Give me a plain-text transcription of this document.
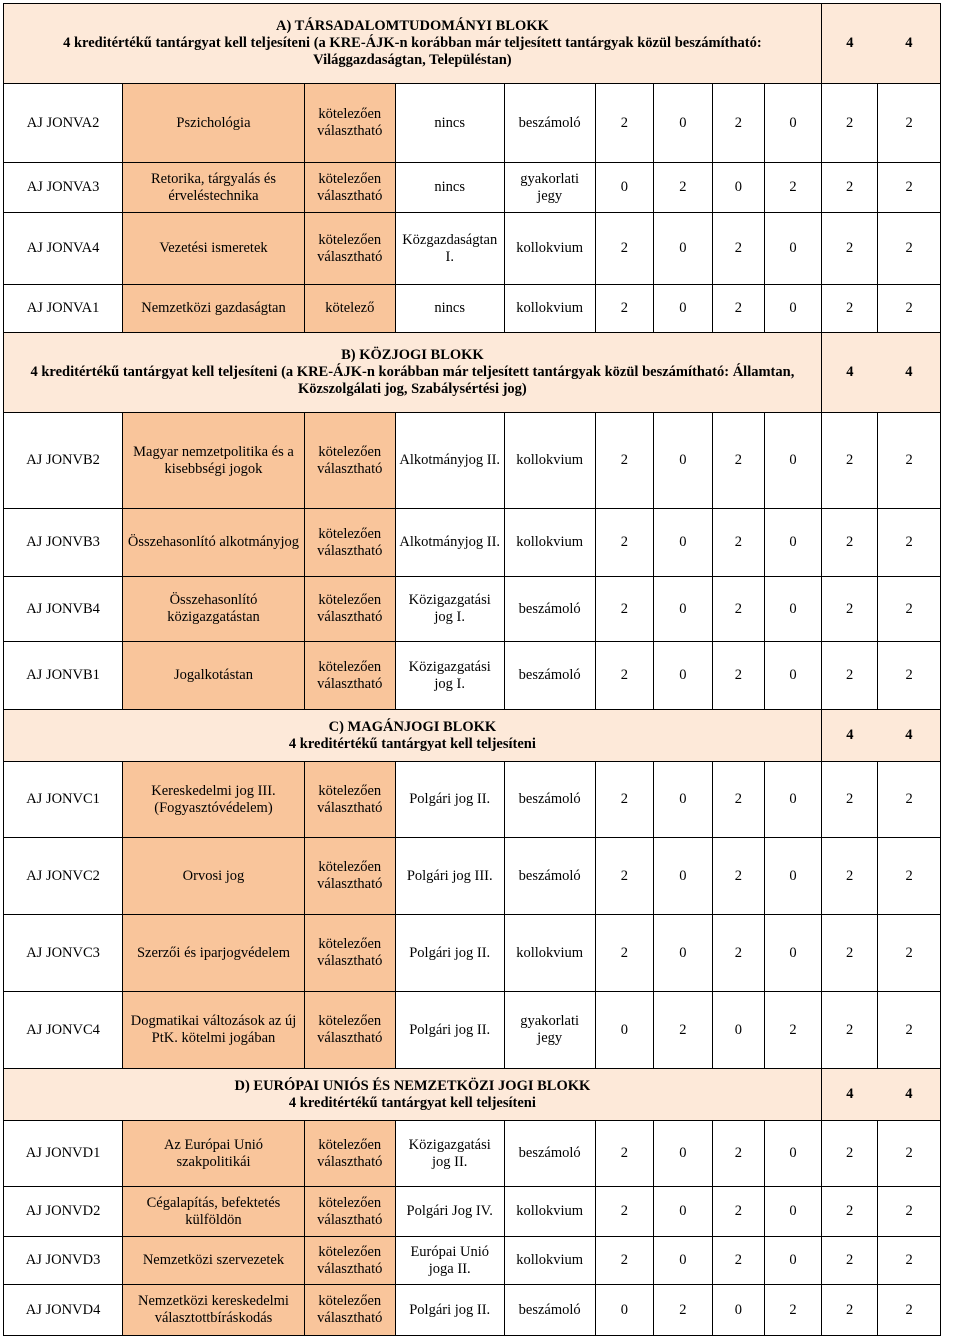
A) TÁRSADALOMTUDOMÁNYI BLOKK
4 kreditértékű tantárgyat kell teljesíteni (a KRE-ÁJK-n korábban már teljesített tantárgyak közül beszámítható: Világgazdaságtan, Településtan)									4	4
AJ JONVA2	Pszichológia	kötelezően választható	nincs	beszámoló	2	0	2	0	2	2
AJ JONVA3	Retorika, tárgyalás és érveléstechnika	kötelezően választható	nincs	gyakorlati jegy	0	2	0	2	2	2
AJ JONVA4	Vezetési ismeretek	kötelezően választható	Közgazdaságtan I.	kollokvium	2	0	2	0	2	2
AJ JONVA1	Nemzetközi gazdaságtan	kötelező	nincs	kollokvium	2	0	2	0	2	2

B) KÖZJOGI BLOKK
4 kreditértékű tantárgyat kell teljesíteni (a KRE-ÁJK-n korábban már teljesített tantárgyak közül beszámítható: Államtan, Közszolgálati jog, Szabálysértési jog)									4	4
AJ JONVB2	Magyar nemzetpolitika és a kisebbségi jogok	kötelezően választható	Alkotmányjog II.	kollokvium	2	0	2	0	2	2
AJ JONVB3	Összehasonlító alkotmányjog	kötelezően választható	Alkotmányjog II.	kollokvium	2	0	2	0	2	2
AJ JONVB4	Összehasonlító közigazgatástan	kötelezően választható	Közigazgatási jog I.	beszámoló	2	0	2	0	2	2
AJ JONVB1	Jogalkotástan	kötelezően választható	Közigazgatási jog I.	beszámoló	2	0	2	0	2	2

C) MAGÁNJOGI BLOKK
4 kreditértékű tantárgyat kell teljesíteni									4	4
AJ JONVC1	Kereskedelmi jog III. (Fogyasztóvédelem)	kötelezően választható	Polgári jog II.	beszámoló	2	0	2	0	2	2
AJ JONVC2	Orvosi jog	kötelezően választható	Polgári jog III.	beszámoló	2	0	2	0	2	2
AJ JONVC3	Szerzői és iparjogvédelem	kötelezően választható	Polgári jog II.	kollokvium	2	0	2	0	2	2
AJ JONVC4	Dogmatikai változások az új PtK. kötelmi jogában	kötelezően választható	Polgári jog II.	gyakorlati jegy	0	2	0	2	2	2

D) EURÓPAI UNIÓS ÉS NEMZETKÖZI JOGI BLOKK
4 kreditértékű tantárgyat kell teljesíteni									4	4
AJ JONVD1	Az Európai Unió szakpolitikái	kötelezően választható	Közigazgatási jog II.	beszámoló	2	0	2	0	2	2
AJ JONVD2	Cégalapítás, befektetés külföldön	kötelezően választható	Polgári Jog IV.	kollokvium	2	0	2	0	2	2
AJ JONVD3	Nemzetközi szervezetek	kötelezően választható	Európai Unió joga II.	kollokvium	2	0	2	0	2	2
AJ JONVD4	Nemzetközi kereskedelmi választottbíráskodás	kötelezően választható	Polgári jog II.	beszámoló	0	2	0	2	2	2
